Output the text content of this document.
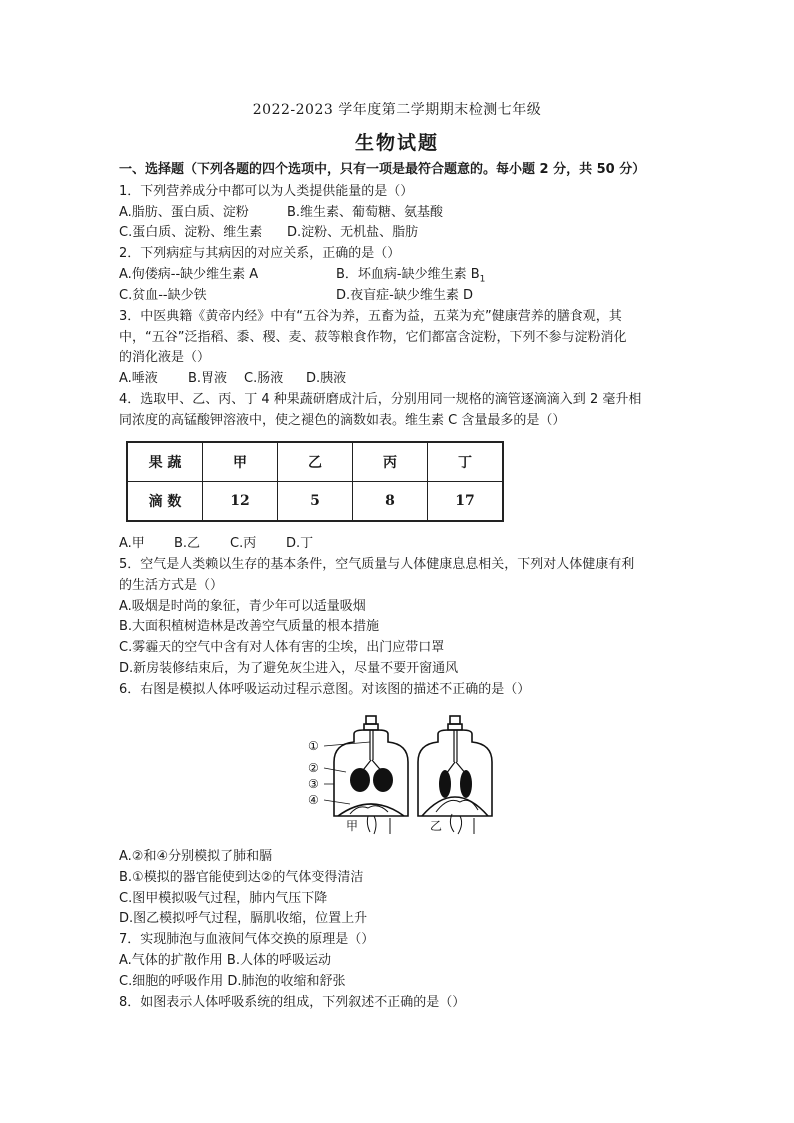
2022-2023 学年度第二学期期末检测七年级
生物试题
一、选择题（下列各题的四个选项中，只有一项是最符合题意的。每小题 2 分，共 50 分）
1．下列营养成分中都可以为人类提供能量的是（）
A.脂肪、蛋白质、淀粉	B.维生素、葡萄糖、氨基酸
C.蛋白质、淀粉、维生素 D.淀粉、无机盐、脂肪
2．下列病症与其病因的对应关系，正确的是（）
A.佝偻病--缺少维生素 A	B．坏血病-缺少维生素 $B_1$
C.贫血--缺少铁	D.夜盲症-缺少维生素 D
3．中医典籍《黄帝内经》中有“五谷为养，五畜为益，五菜为充”健康营养的膳食观，其
中，“五谷”泛指稻、黍、稷、麦、菽等粮食作物，它们都富含淀粉，下列不参与淀粉消化
的消化液是（）
A.唾液 B.胃液 C.肠液 D.胰液
4．选取甲、乙、丙、丁 4 种果蔬研磨成汁后，分别用同一规格的滴管逐滴滴入到 2 毫升相
同浓度的高锰酸钾溶液中，使之褪色的滴数如表。维生素 C 含量最多的是（）
果 蔬	甲	乙	丙	丁
滴 数	12	5	8	17
A.甲 B.乙 C.丙 D.丁
5．空气是人类赖以生存的基本条件，空气质量与人体健康息息相关，下列对人体健康有利
的生活方式是（）
A.吸烟是时尚的象征，青少年可以适量吸烟
B.大面积植树造林是改善空气质量的根本措施
C.雾霾天的空气中含有对人体有害的尘埃，出门应带口罩
D.新房装修结束后，为了避免灰尘进入，尽量不要开窗通风
6．右图是模拟人体呼吸运动过程示意图。对该图的描述不正确的是（）
①
②
③
④
甲	乙
A.②和④分别模拟了肺和膈
B.①模拟的器官能使到达②的气体变得清洁
C.图甲模拟吸气过程，肺内气压下降
D.图乙模拟呼气过程，膈肌收缩，位置上升
7．实现肺泡与血液间气体交换的原理是（）
A.气体的扩散作用 B.人体的呼吸运动
C.细胞的呼吸作用 D.肺泡的收缩和舒张
8．如图表示人体呼吸系统的组成，下列叙述不正确的是（）
